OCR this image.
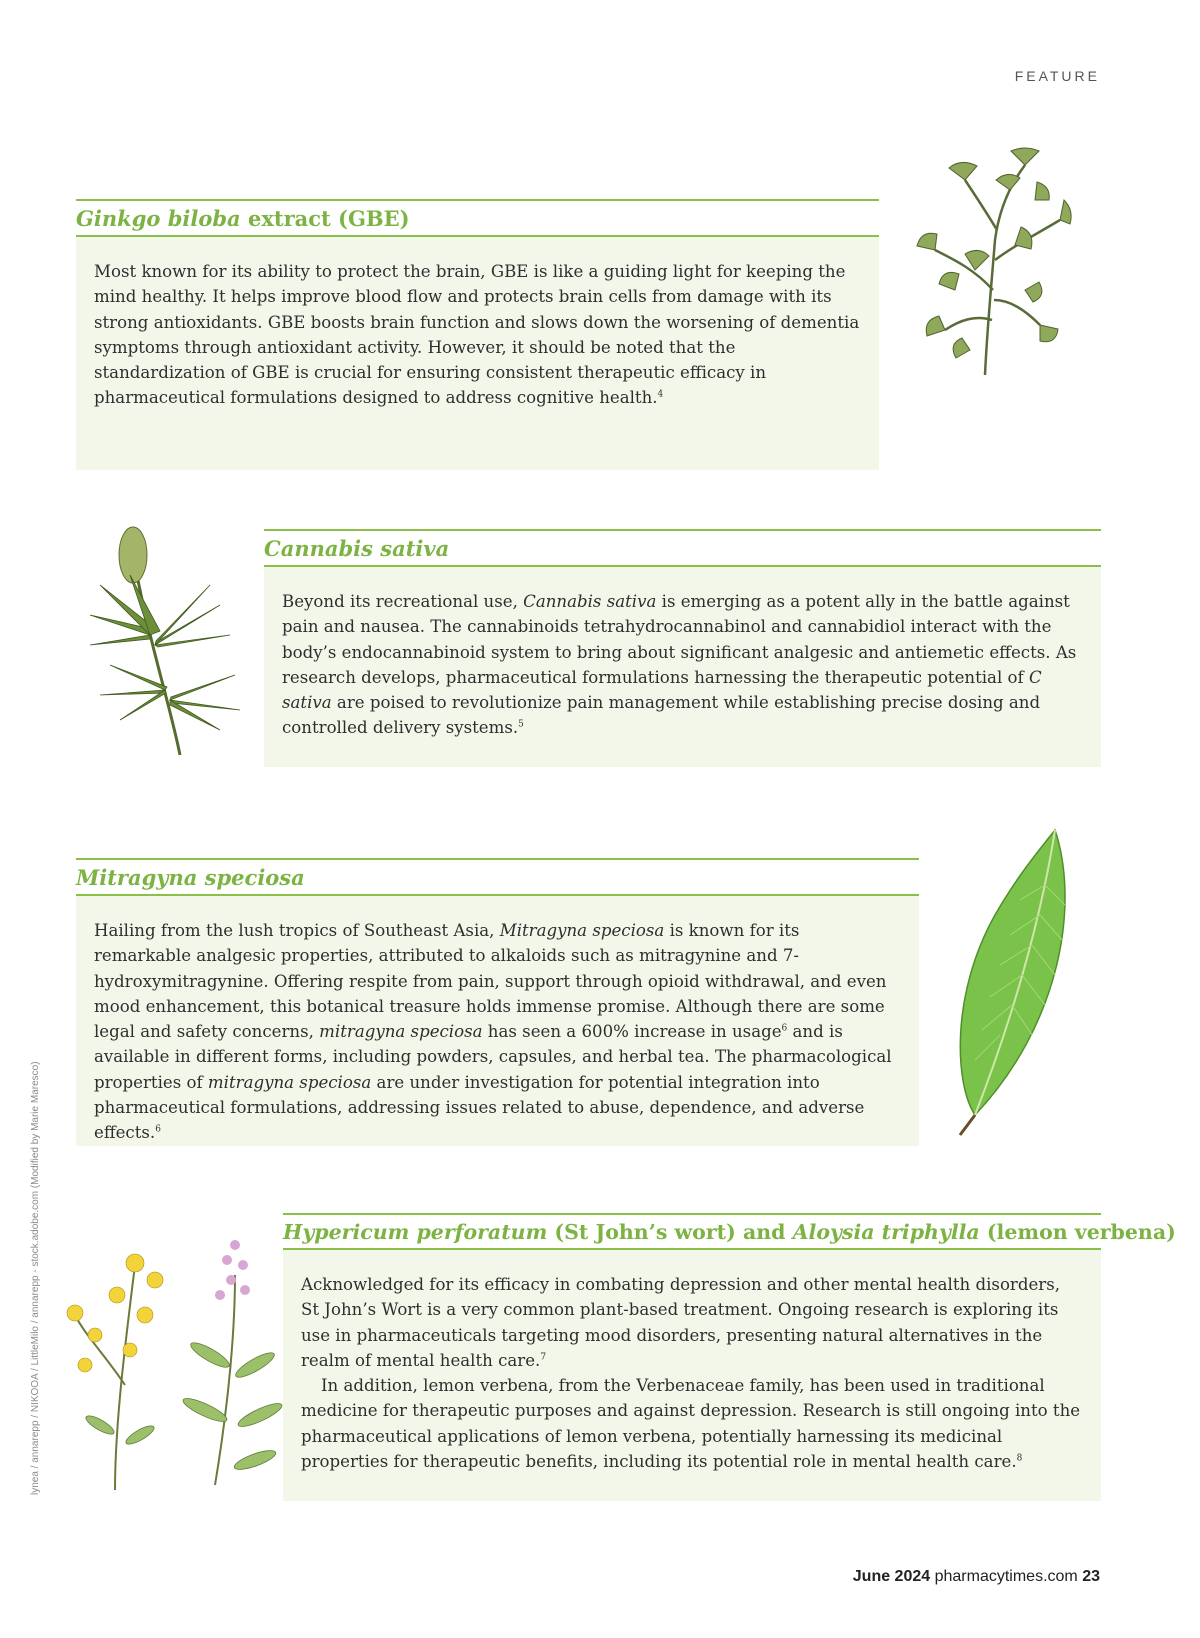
FEATURE
lynea / annarepp / NIKOOA / LittleMilo / annarepp - stock.adobe.com (Modified by Marie Maresco)
Ginkgo biloba extract (GBE)

Most known for its ability to protect the brain, GBE is like a guiding light for keeping the mind healthy. It helps improve blood flow and protects brain cells from damage with its strong antioxidants. GBE boosts brain function and slows down the worsening of dementia symptoms through antioxidant activity. However, it should be noted that the standardization of GBE is crucial for ensuring consistent therapeutic efficacy in pharmaceutical formulations designed to address cognitive health.$^4$

Cannabis sativa

Beyond its recreational use, Cannabis sativa is emerging as a potent ally in the battle against pain and nausea. The cannabinoids tetrahydrocannabinol and cannabidiol interact with the body’s endocannabinoid system to bring about significant analgesic and antiemetic effects. As research develops, pharmaceutical formulations harnessing the therapeutic potential of C sativa are poised to revolutionize pain management while establishing precise dosing and controlled delivery systems.$^5$

Mitragyna speciosa

Hailing from the lush tropics of Southeast Asia, Mitragyna speciosa is known for its remarkable analgesic properties, attributed to alkaloids such as mitragynine and 7-hydroxymitragynine. Offering respite from pain, support through opioid withdrawal, and even mood enhancement, this botanical treasure holds immense promise. Although there are some legal and safety concerns, mitragyna speciosa has seen a 600% increase in usage$^6$ and is available in different forms, including powders, capsules, and herbal tea. The pharmacological properties of mitragyna speciosa are under investigation for potential integration into pharmaceutical formulations, addressing issues related to abuse, dependence, and adverse effects.$^6$

Hypericum perforatum (St John’s wort) and Aloysia triphylla (lemon verbena)

Acknowledged for its efficacy in combating depression and other mental health disorders, St John’s Wort is a very common plant-based treatment. Ongoing research is exploring its use in pharmaceuticals targeting mood disorders, presenting natural alternatives in the realm of mental health care.$^7$

In addition, lemon verbena, from the Verbenaceae family, has been used in traditional medicine for therapeutic purposes and against depression. Research is still ongoing into the pharmaceutical applications of lemon verbena, potentially harnessing its medicinal properties for therapeutic benefits, including its potential role in mental health care.$^8$

June 2024 pharmacytimes.com 23
